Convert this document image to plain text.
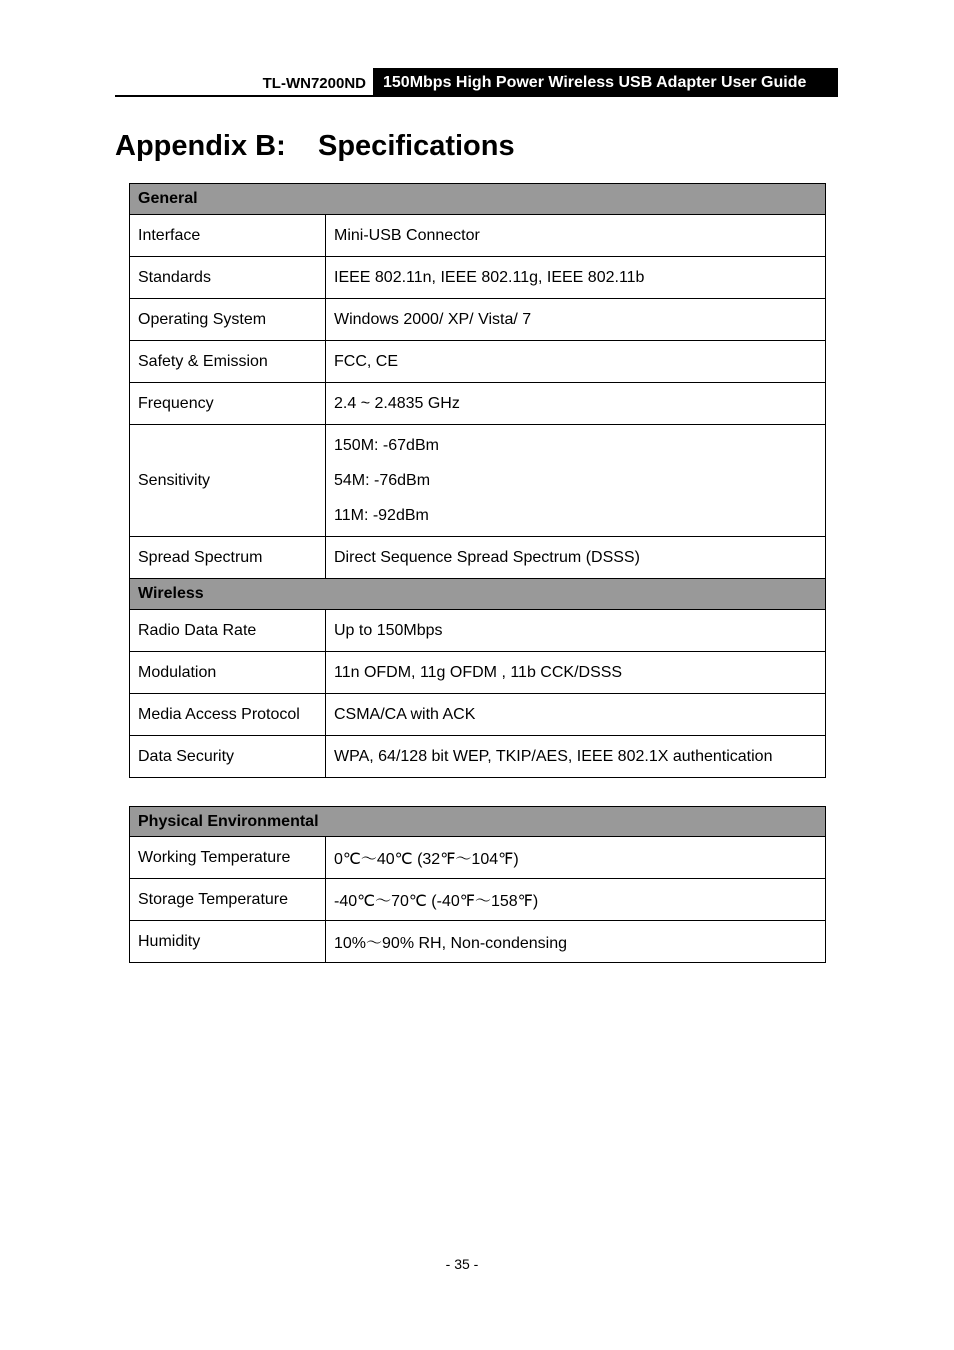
TL-WN7200ND	150Mbps High Power Wireless USB Adapter User Guide
Appendix B:    Specifications
General	
Interface	Mini-USB Connector
Standards	IEEE 802.11n, IEEE 802.11g, IEEE 802.11b
Operating System	Windows 2000/ XP/ Vista/ 7
Safety & Emission	FCC, CE
Frequency	2.4 ~ 2.4835 GHz
Sensitivity	150M: -67dBm
54M: -76dBm
11M: -92dBm

Spread Spectrum	Direct Sequence Spread Spectrum (DSSS)
Wireless	
Radio Data Rate	Up to 150Mbps
Modulation	11n OFDM, 11g OFDM , 11b CCK/DSSS
Media Access Protocol	CSMA/CA with ACK
Data Security	WPA, 64/128 bit WEP, TKIP/AES, IEEE 802.1X authentication
Physical Environmental	
Working Temperature	0℃～40℃ (32℉～104℉)
Storage Temperature	-40℃～70℃ (-40℉～158℉)
Humidity	10%～90% RH, Non-condensing
- 35 -
